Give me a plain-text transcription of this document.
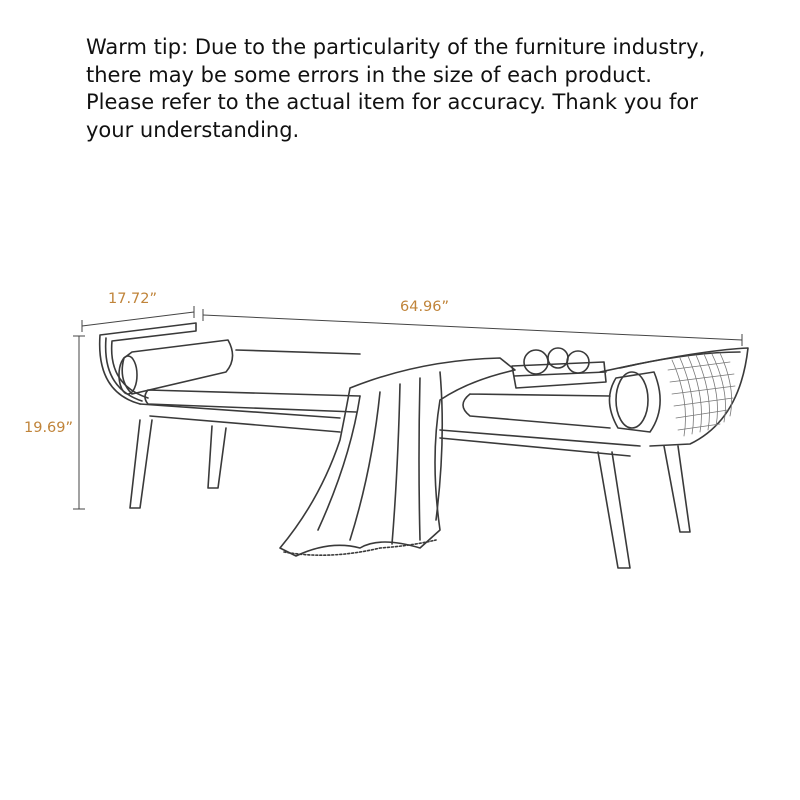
Warm tip: Due to the particularity of the furniture industry,
there may be some errors in the size of each product.
Please refer to the actual item for accuracy. Thank you for
your understanding.
17.72”	64.96”
19.69”
